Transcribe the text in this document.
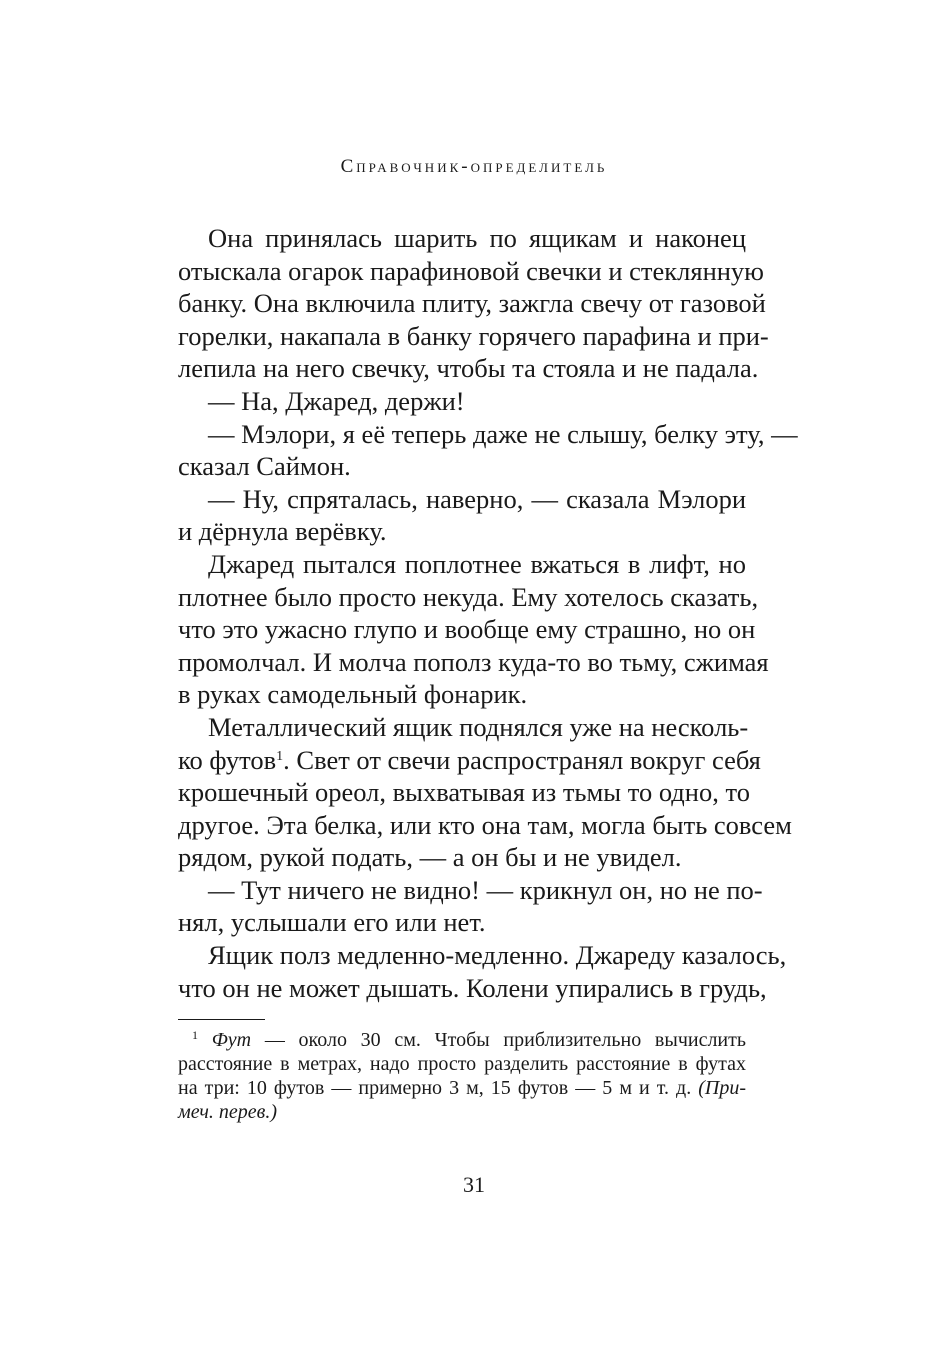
Справочник-определитель
Она принялась шарить по ящикам и наконец
отыскала огарок парафиновой свечки и стеклянную
банку. Она включила плиту, зажгла свечу от газовой
горелки, накапала в банку горячего парафина и при-
лепила на него свечку, чтобы та стояла и не падала.
— На, Джаред, держи!
— Мэлори, я её теперь даже не слышу, белку эту, —
сказал Саймон.
— Ну, спряталась, наверно, — сказала Мэлори
и дёрнула верёвку.
Джаред пытался поплотнее вжаться в лифт, но
плотнее было просто некуда. Ему хотелось сказать,
что это ужасно глупо и вообще ему страшно, но он
промолчал. И молча пополз куда-то во тьму, сжимая
в руках самодельный фонарик.
Металлический ящик поднялся уже на несколь-
ко футов$^1$. Свет от свечи распространял вокруг себя
крошечный ореол, выхватывая из тьмы то одно, то
другое. Эта белка, или кто она там, могла быть совсем
рядом, рукой подать, — а он бы и не увидел.
— Тут ничего не видно! — крикнул он, но не по-
нял, услышали его или нет.
Ящик полз медленно-медленно. Джареду казалось,
что он не может дышать. Колени упирались в грудь,
$^1$ Фут — около 30 см. Чтобы приблизительно вычислить
расстояние в метрах, надо просто разделить расстояние в футах
на три: 10 футов — примерно 3 м, 15 футов — 5 м и т. д. (При-
меч. перев.)
31
